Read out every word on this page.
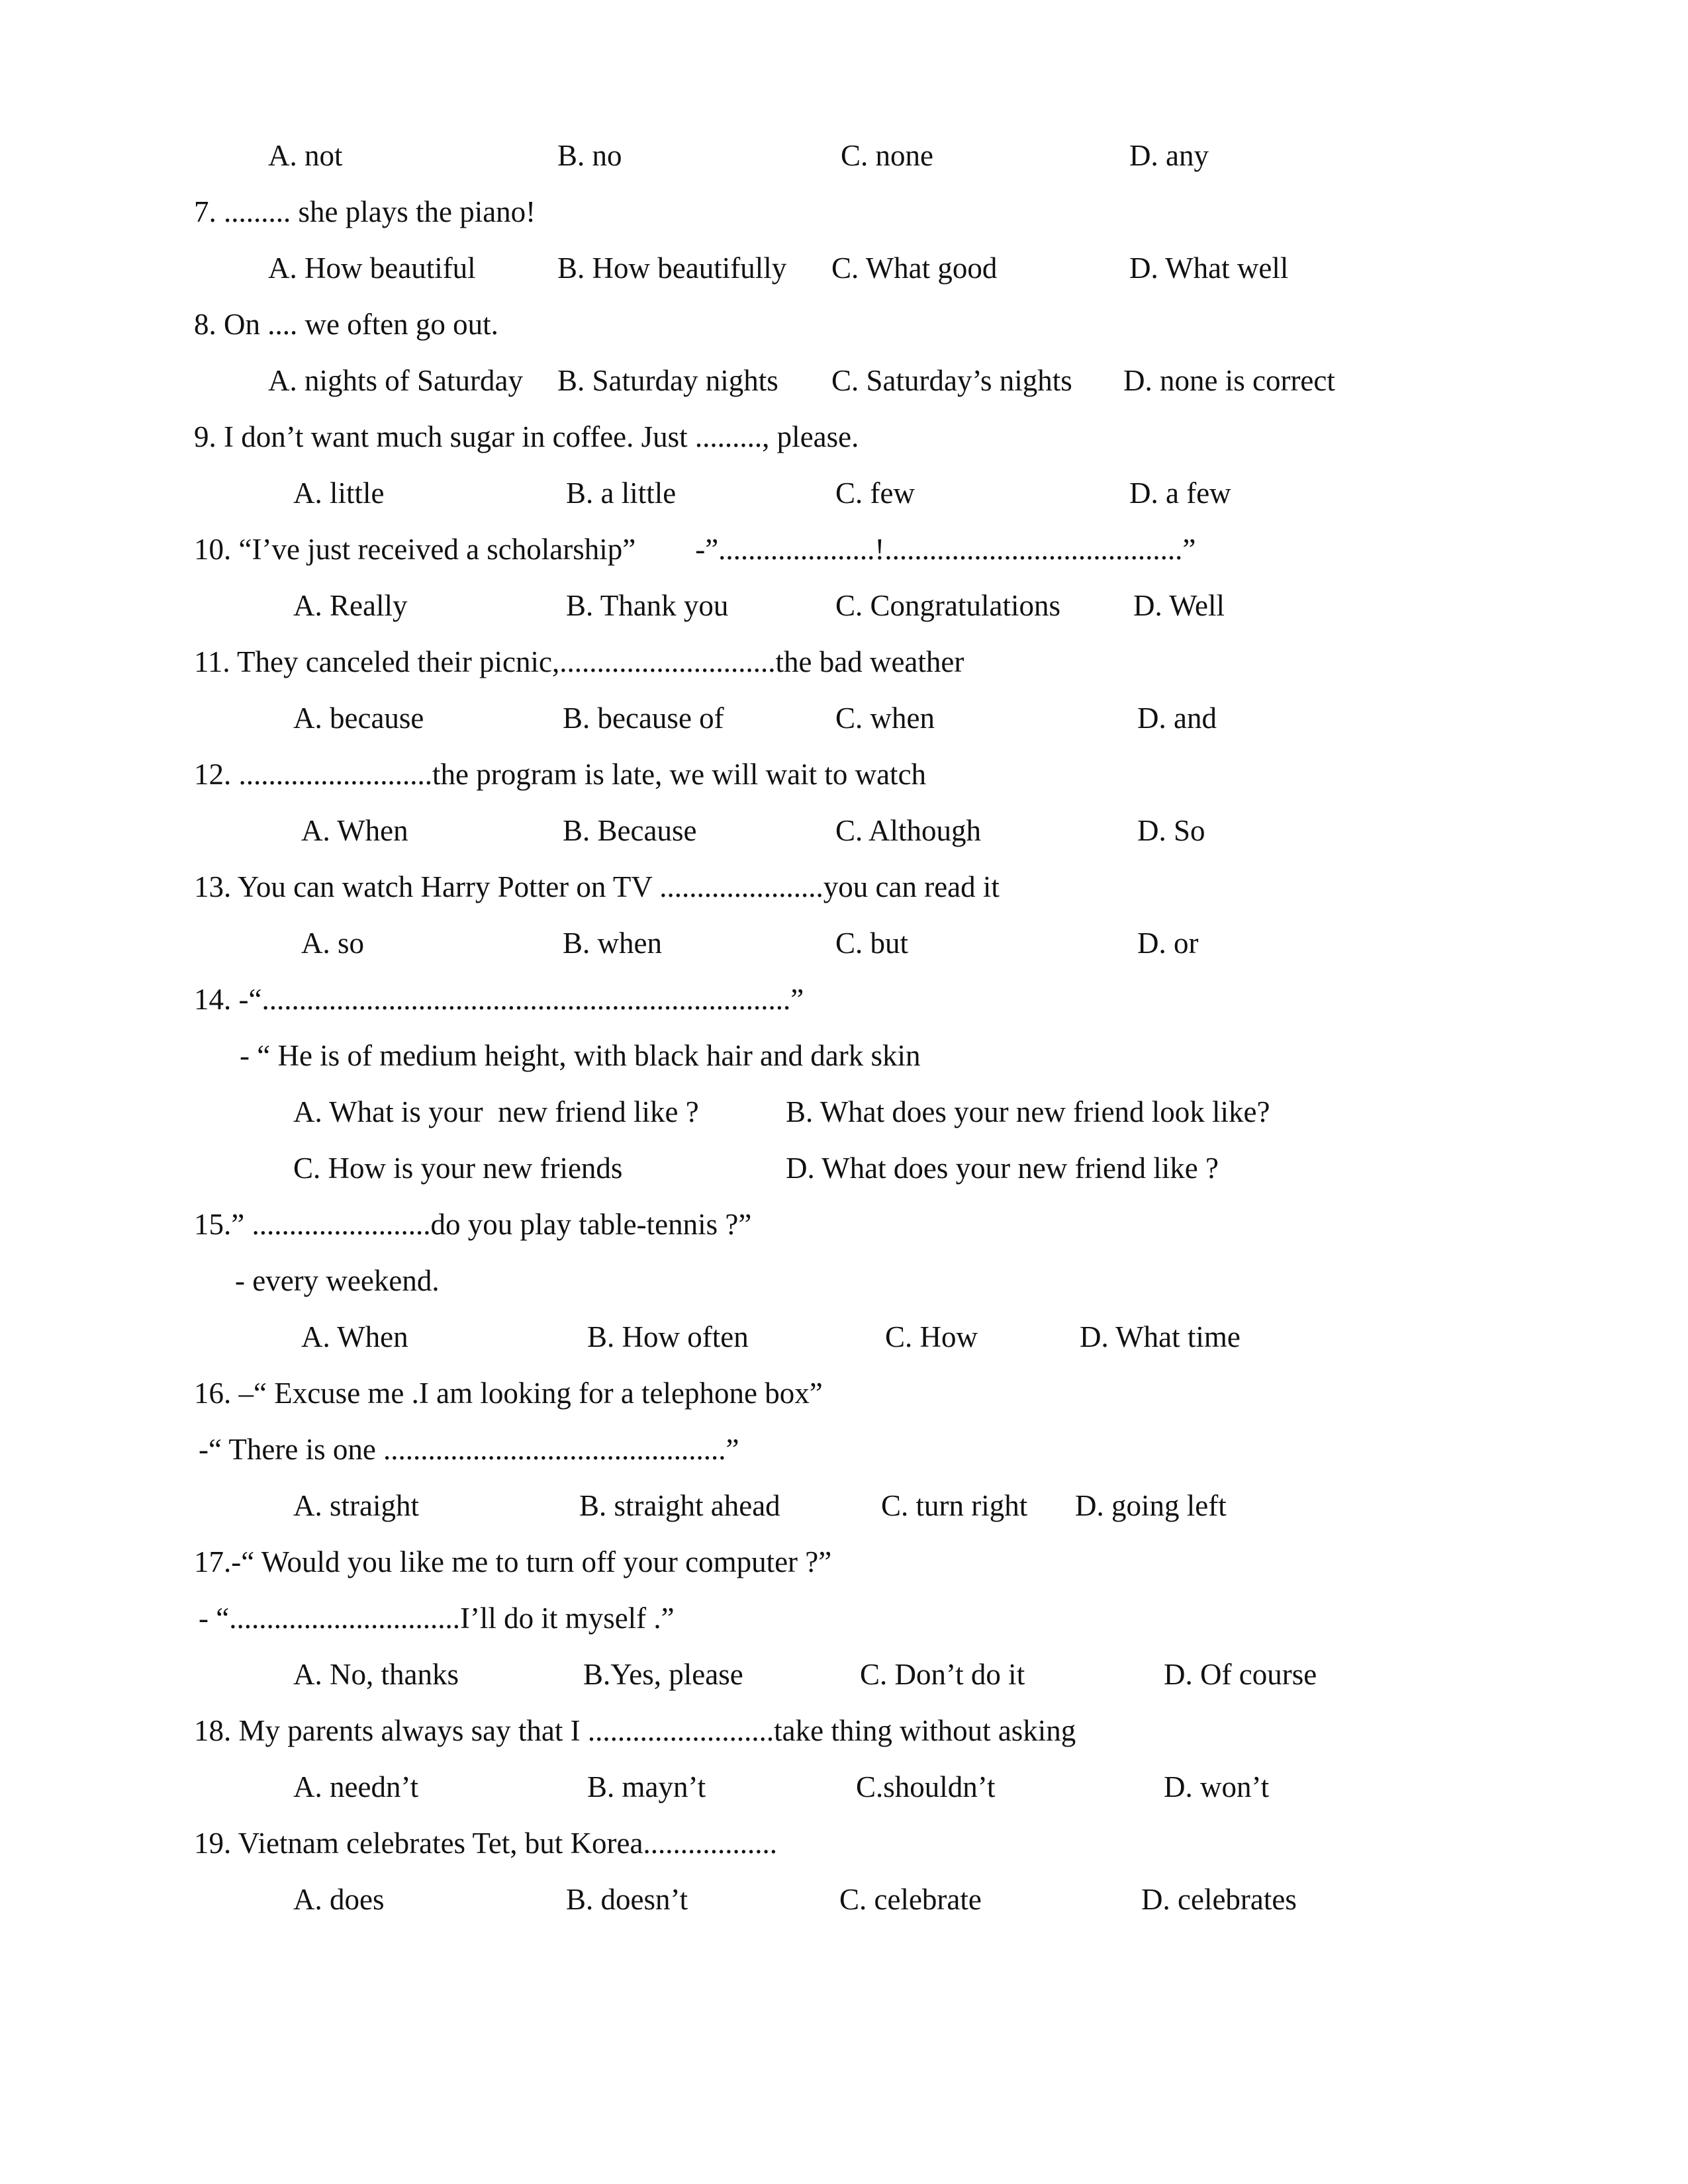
A. not	B. no	C. none	D. any
7. ......... she plays the piano!
A. How beautiful	B. How beautifully C. What good	D. What well
8. On .... we often go out.
A. nights of Saturday B. Saturday nights C. Saturday’s nights D. none is correct
9. I don’t want much sugar in coffee. Just ........., please.
A. little	B. a little	C. few	D. a few
10. “I’ve just received a scholarship”        -”.....................!........................................”
A. Really	B. Thank you	C. Congratulations D. Well
11. They canceled their picnic,.............................the bad weather
A. because	B. because of	C. when	D. and
12. ..........................the program is late, we will wait to watch
A. When	B. Because	C. Although	D. So
13. You can watch Harry Potter on TV ......................you can read it
A. so	B. when	C. but	D. or
14. -“.......................................................................”
- “ He is of medium height, with black hair and dark skin
A. What is your  new friend like ?	B. What does your new friend look like?
C. How is your new friends	D. What does your new friend like ?
15.” ........................do you play table-tennis ?”
- every weekend.
A. When	B. How often	C. How	D. What time
16. –“ Excuse me .I am looking for a telephone box”
-“ There is one ..............................................”
A. straight	B. straight ahead	C. turn right D. going left
17.-“ Would you like me to turn off your computer ?”
- “...............................I’ll do it myself .”
A. No, thanks	B.Yes, please	C. Don’t do it	D. Of course
18. My parents always say that I .........................take thing without asking
A. needn’t	B. mayn’t	C.shouldn’t	D. won’t
19. Vietnam celebrates Tet, but Korea..................
A. does	B. doesn’t	C. celebrate	D. celebrates
